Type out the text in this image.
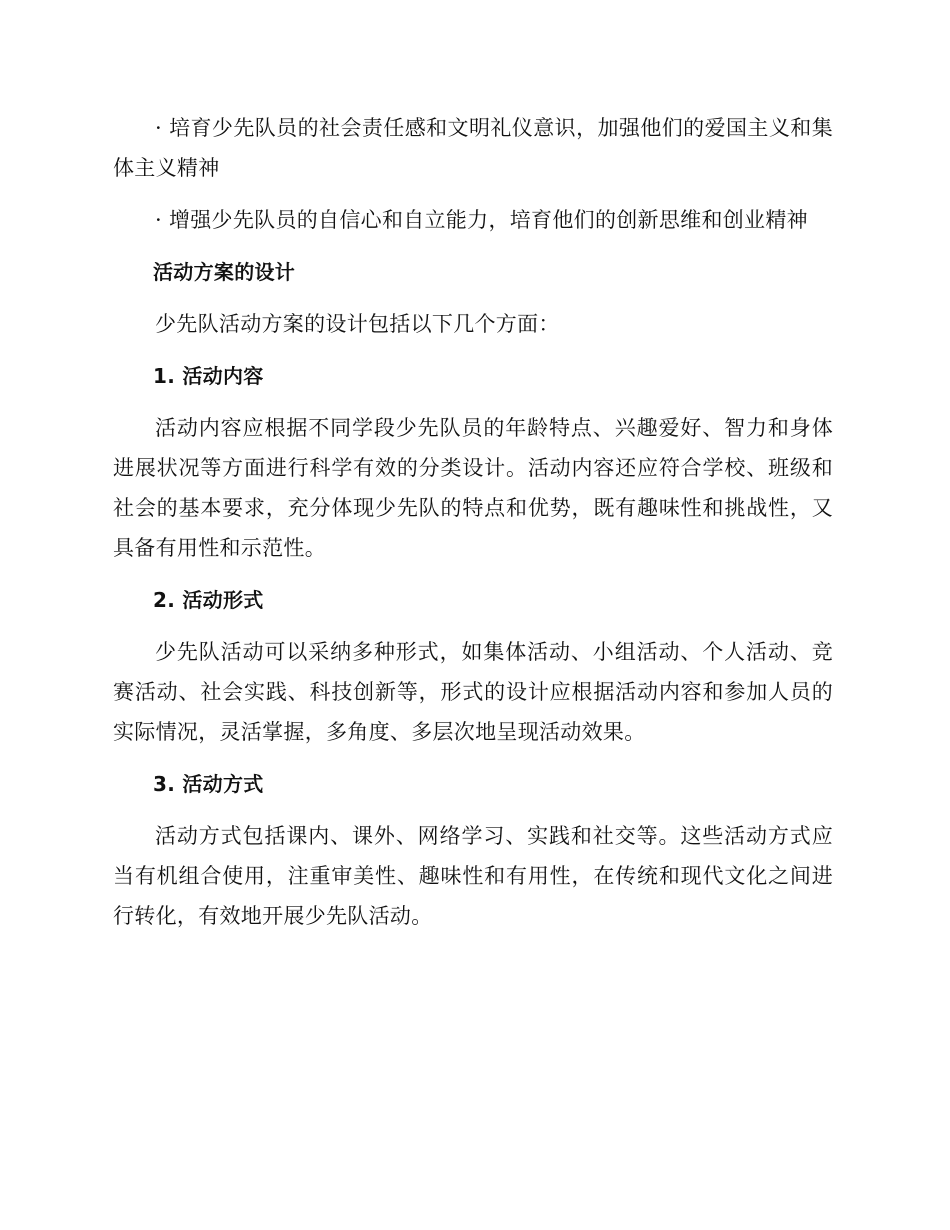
· 培育少先队员的社会责任感和文明礼仪意识，加强他们的爱国主义和集体主义精神

· 增强少先队员的自信心和自立能力，培育他们的创新思维和创业精神

活动方案的设计

少先队活动方案的设计包括以下几个方面：

1. 活动内容

活动内容应根据不同学段少先队员的年龄特点、兴趣爱好、智力和身体进展状况等方面进行科学有效的分类设计。活动内容还应符合学校、班级和社会的基本要求，充分体现少先队的特点和优势，既有趣味性和挑战性，又具备有用性和示范性。

2. 活动形式

少先队活动可以采纳多种形式，如集体活动、小组活动、个人活动、竞赛活动、社会实践、科技创新等，形式的设计应根据活动内容和参加人员的实际情况，灵活掌握，多角度、多层次地呈现活动效果。

3. 活动方式

活动方式包括课内、课外、网络学习、实践和社交等。这些活动方式应当有机组合使用，注重审美性、趣味性和有用性，在传统和现代文化之间进行转化，有效地开展少先队活动。
